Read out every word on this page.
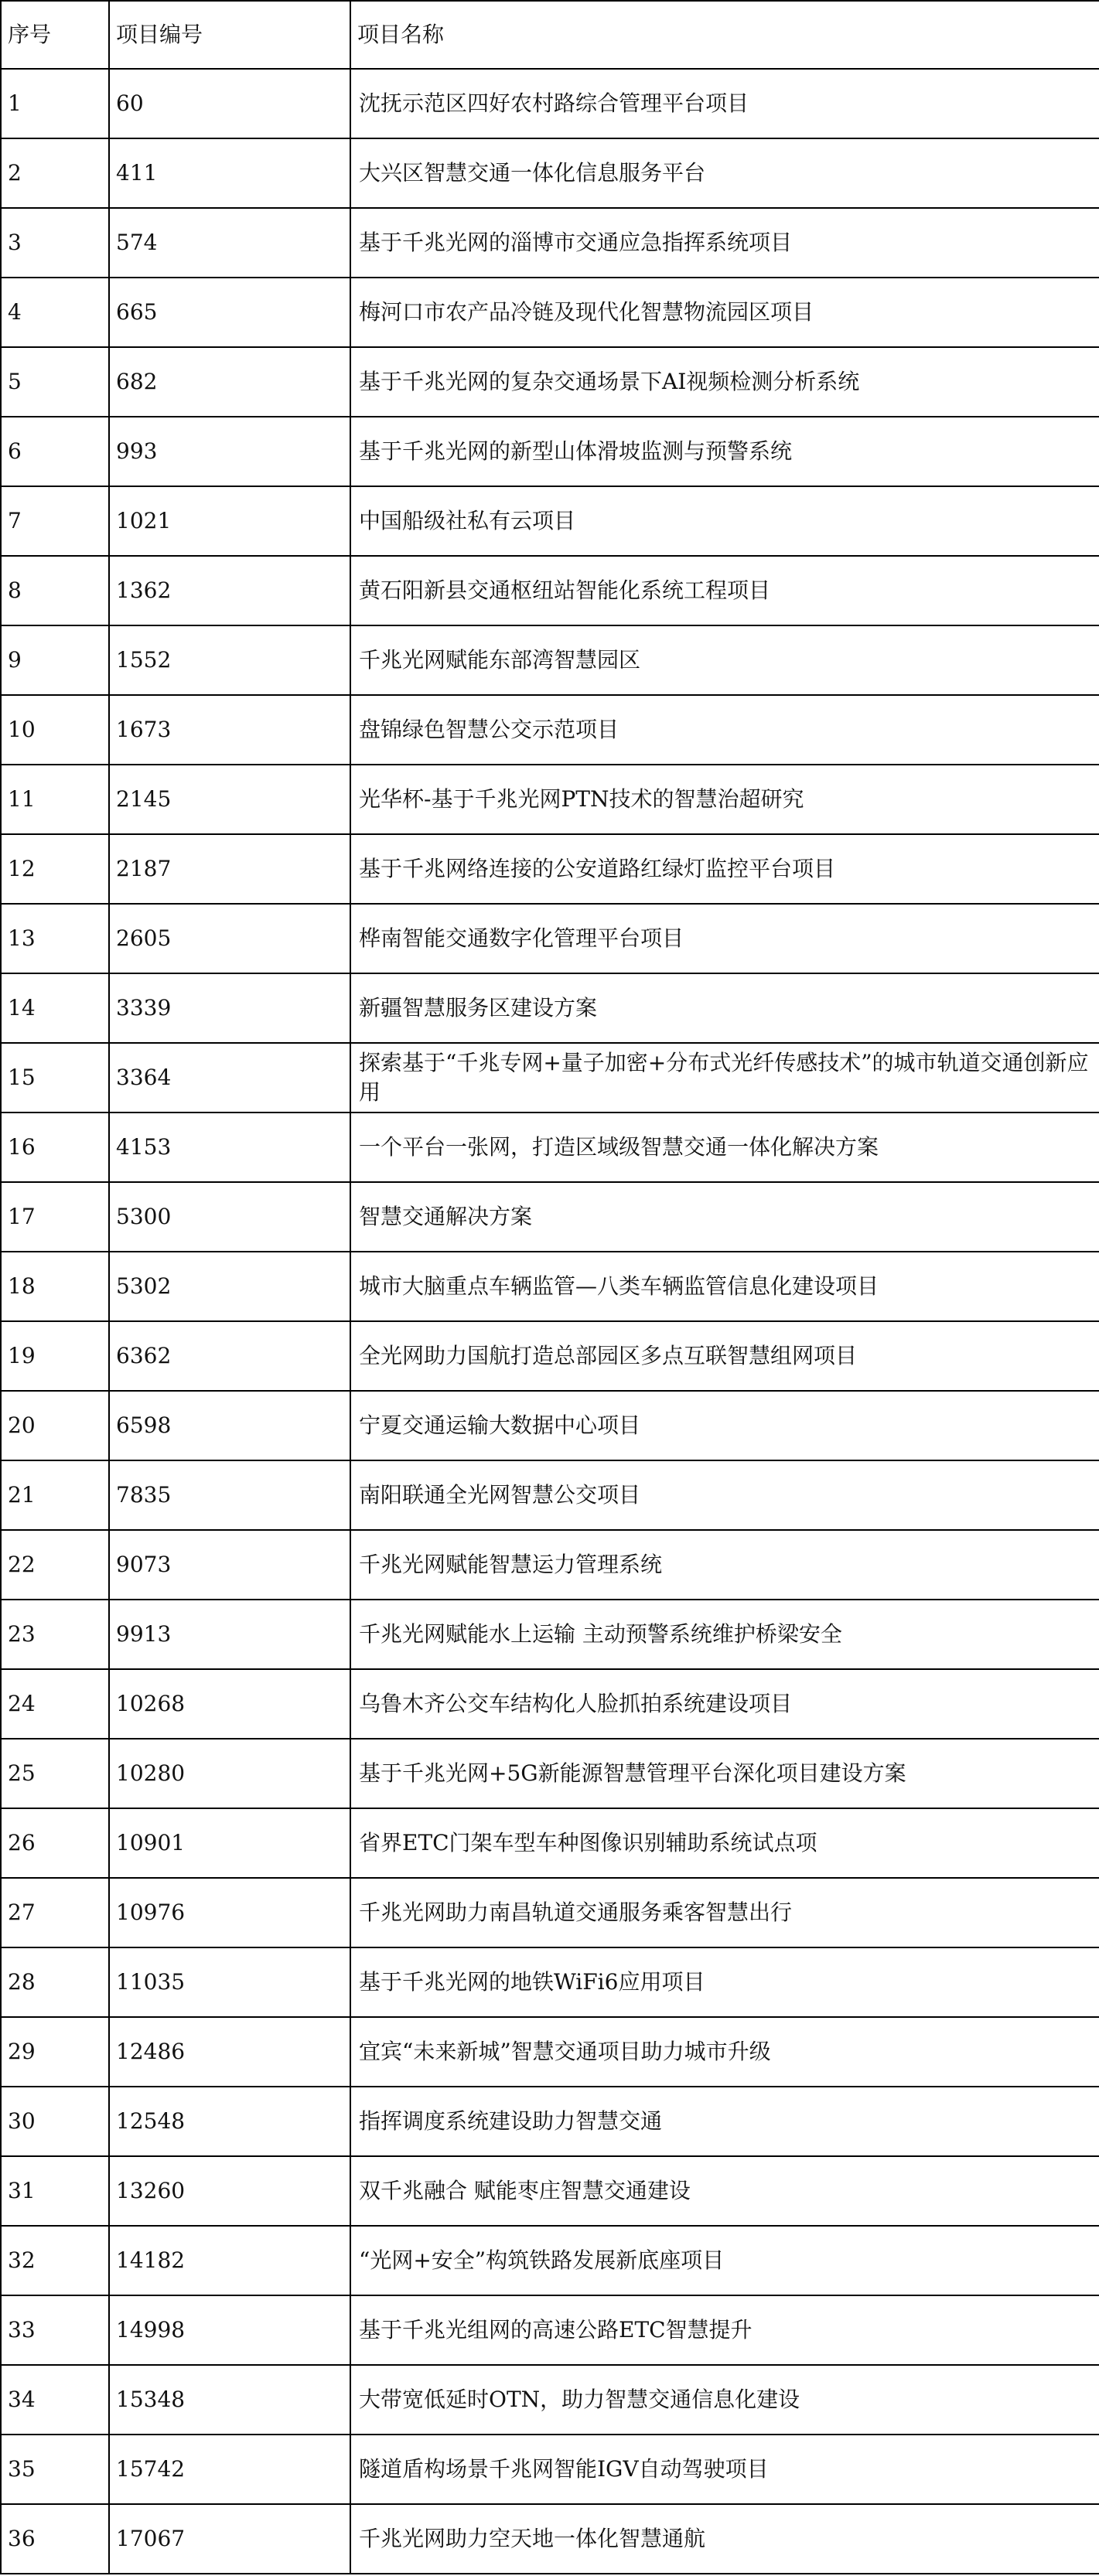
序号	项目编号	项目名称
1	60	沈抚示范区四好农村路综合管理平台项目
2	411	大兴区智慧交通一体化信息服务平台
3	574	基于千兆光网的淄博市交通应急指挥系统项目
4	665	梅河口市农产品冷链及现代化智慧物流园区项目
5	682	基于千兆光网的复杂交通场景下AI视频检测分析系统
6	993	基于千兆光网的新型山体滑坡监测与预警系统
7	1021	中国船级社私有云项目
8	1362	黄石阳新县交通枢纽站智能化系统工程项目
9	1552	千兆光网赋能东部湾智慧园区
10	1673	盘锦绿色智慧公交示范项目
11	2145	光华杯-基于千兆光网PTN技术的智慧治超研究
12	2187	基于千兆网络连接的公安道路红绿灯监控平台项目
13	2605	桦南智能交通数字化管理平台项目
14	3339	新疆智慧服务区建设方案
15	3364	探索基于“千兆专网+量子加密+分布式光纤传感技术”的城市轨道交通创新应用
16	4153	一个平台一张网，打造区域级智慧交通一体化解决方案
17	5300	智慧交通解决方案
18	5302	城市大脑重点车辆监管—八类车辆监管信息化建设项目
19	6362	全光网助力国航打造总部园区多点互联智慧组网项目
20	6598	宁夏交通运输大数据中心项目
21	7835	南阳联通全光网智慧公交项目
22	9073	千兆光网赋能智慧运力管理系统
23	9913	千兆光网赋能水上运输 主动预警系统维护桥梁安全
24	10268	乌鲁木齐公交车结构化人脸抓拍系统建设项目
25	10280	基于千兆光网+5G新能源智慧管理平台深化项目建设方案
26	10901	省界ETC门架车型车种图像识别辅助系统试点项
27	10976	千兆光网助力南昌轨道交通服务乘客智慧出行
28	11035	基于千兆光网的地铁WiFi6应用项目
29	12486	宜宾“未来新城”智慧交通项目助力城市升级
30	12548	指挥调度系统建设助力智慧交通
31	13260	双千兆融合 赋能枣庄智慧交通建设
32	14182	“光网+安全”构筑铁路发展新底座项目
33	14998	基于千兆光组网的高速公路ETC智慧提升
34	15348	大带宽低延时OTN，助力智慧交通信息化建设
35	15742	隧道盾构场景千兆网智能IGV自动驾驶项目
36	17067	千兆光网助力空天地一体化智慧通航
